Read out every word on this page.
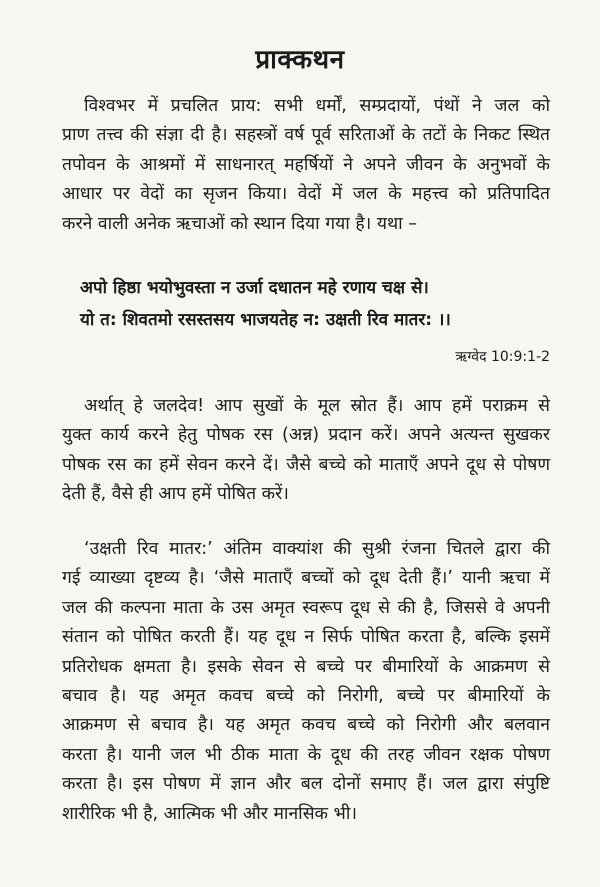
प्राक्कथन
विश्वभर में प्रचलित प्राय: सभी धर्मों, सम्प्रदायों, पंथों ने जल को
प्राण तत्त्व की संज्ञा दी है। सहस्त्रों वर्ष पूर्व सरिताओं के तटों के निकट स्थित
तपोवन के आश्रमों में साधनारत् महर्षियों ने अपने जीवन के अनुभवों के
आधार पर वेदों का सृजन किया। वेदों में जल के महत्त्व को प्रतिपादित
करने वाली अनेक ऋचाओं को स्थान दिया गया है। यथा –
अपो हिष्ठा भयोभुवस्ता न उर्जा दधातन महे रणाय चक्ष से।
यो त: शिवतमो रसस्तसय भाजयतेह न: उक्षती रिव मातर: ।।
ऋग्वेद 10:9:1-2
अर्थात् हे जलदेव! आप सुखों के मूल स्रोत हैं। आप हमें पराक्रम से
युक्त कार्य करने हेतु पोषक रस (अन्न) प्रदान करें। अपने अत्यन्त सुखकर
पोषक रस का हमें सेवन करने दें। जैसे बच्चे को माताएँ अपने दूध से पोषण
देती हैं, वैसे ही आप हमें पोषित करें।
‘उक्षती रिव मातर:’ अंतिम वाक्यांश की सुश्री रंजना चितले द्वारा की
गई व्याख्या दृष्टव्य है। ‘जैसे माताएँ बच्चों को दूध देती हैं।’ यानी ऋचा में
जल की कल्पना माता के उस अमृत स्वरूप दूध से की है, जिससे वे अपनी
संतान को पोषित करती हैं। यह दूध न सिर्फ पोषित करता है, बल्कि इसमें
प्रतिरोधक क्षमता है। इसके सेवन से बच्चे पर बीमारियों के आक्रमण से
बचाव है। यह अमृत कवच बच्चे को निरोगी, बच्चे पर बीमारियों के
आक्रमण से बचाव है। यह अमृत कवच बच्चे को निरोगी और बलवान
करता है। यानी जल भी ठीक माता के दूध की तरह जीवन रक्षक पोषण
करता है। इस पोषण में ज्ञान और बल दोनों समाए हैं। जल द्वारा संपुष्टि
शारीरिक भी है, आत्मिक भी और मानसिक भी।
